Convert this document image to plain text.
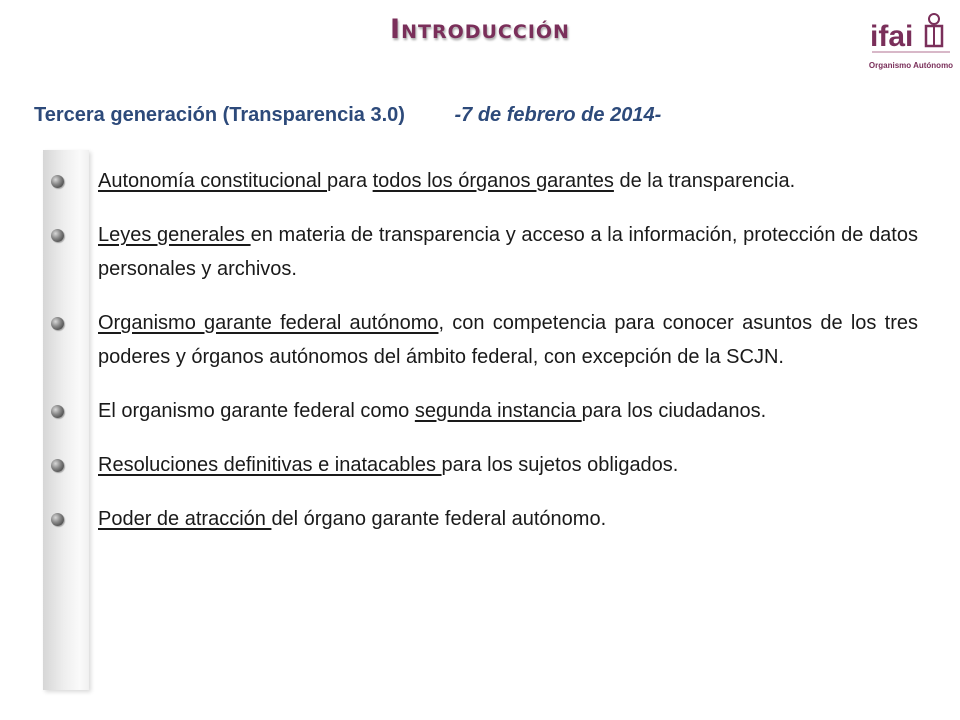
Introducción	ifai
Organismo Autónomo
Tercera generación (Transparencia 3.0) -7 de febrero de 2014-
Autonomía constitucional para todos los órganos garantes de la transparencia.
Leyes generales en materia de transparencia y acceso a la información, protección de datos personales y archivos.
Organismo garante federal autónomo, con competencia para conocer asuntos de los tres poderes y órganos autónomos del ámbito federal, con excepción de la SCJN.
El organismo garante federal como segunda instancia para los ciudadanos.
Resoluciones definitivas e inatacables para los sujetos obligados.
Poder de atracción del órgano garante federal autónomo.
